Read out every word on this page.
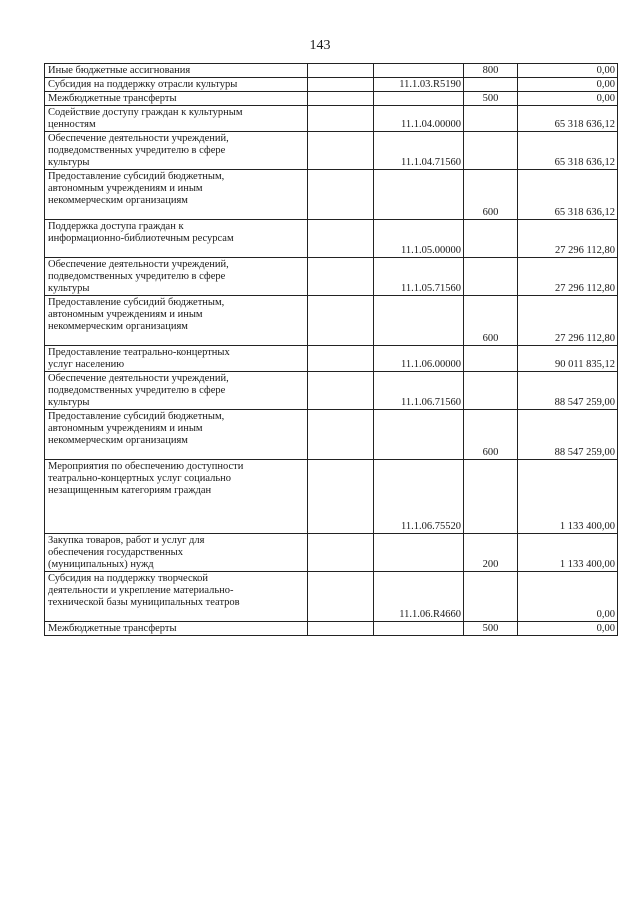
143
Иные бюджетные ассигнования			800	0,00

Субсидия на поддержку отрасли культуры		11.1.03.R5190		0,00

Межбюджетные трансферты			500	0,00

Содействие доступу граждан к культурным
ценностям		11.1.04.00000		65 318 636,12

Обеспечение деятельности учреждений,
подведомственных учредителю в сфере
культуры		11.1.04.71560		65 318 636,12

Предоставление субсидий бюджетным,
автономным учреждениям и иным
некоммерческим организациям			600	65 318 636,12

Поддержка доступа граждан к
информационно-библиотечным ресурсам		11.1.05.00000		27 296 112,80

Обеспечение деятельности учреждений,
подведомственных учредителю в сфере
культуры		11.1.05.71560		27 296 112,80

Предоставление субсидий бюджетным,
автономным учреждениям и иным
некоммерческим организациям			600	27 296 112,80

Предоставление театрально-концертных
услуг населению		11.1.06.00000		90 011 835,12

Обеспечение деятельности учреждений,
подведомственных учредителю в сфере
культуры		11.1.06.71560		88 547 259,00

Предоставление субсидий бюджетным,
автономным учреждениям и иным
некоммерческим организациям			600	88 547 259,00

Мероприятия по обеспечению доступности
театрально-концертных услуг социально
незащищенным категориям граждан		11.1.06.75520		1 133 400,00

Закупка товаров, работ и услуг для
обеспечения государственных
(муниципальных) нужд			200	1 133 400,00

Субсидия на поддержку творческой
деятельности и укрепление материально-
технической базы муниципальных театров		11.1.06.R4660		0,00

Межбюджетные трансферты			500	0,00
